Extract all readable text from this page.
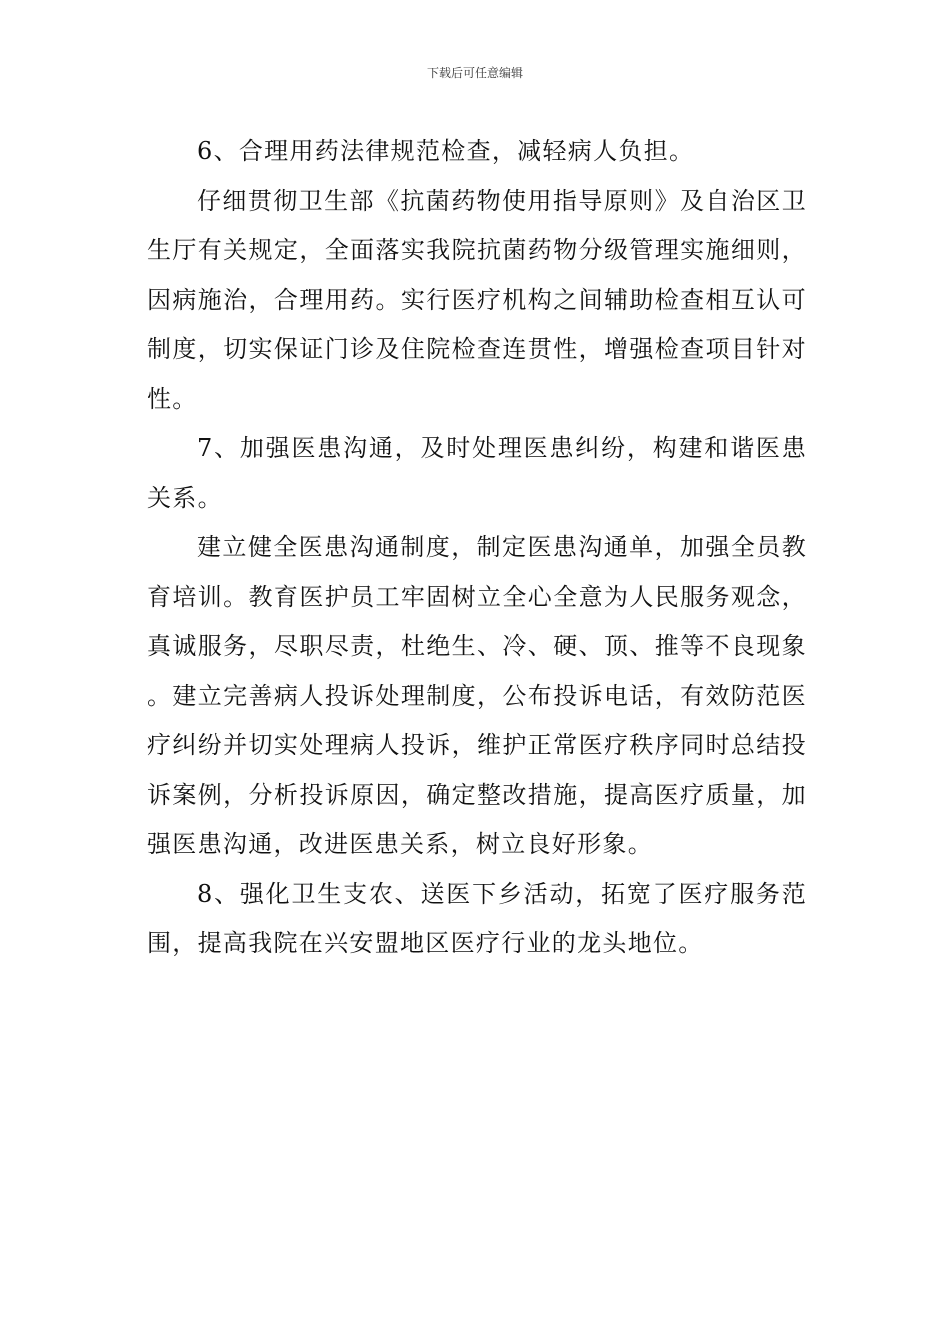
下载后可任意编辑

6、合理用药法律规范检查，减轻病人负担。

仔细贯彻卫生部《抗菌药物使用指导原则》及自治区卫生厅有关规定，全面落实我院抗菌药物分级管理实施细则，因病施治，合理用药。实行医疗机构之间辅助检查相互认可制度，切实保证门诊及住院检查连贯性，增强检查项目针对性。

7、加强医患沟通，及时处理医患纠纷，构建和谐医患关系。

建立健全医患沟通制度，制定医患沟通单，加强全员教育培训。教育医护员工牢固树立全心全意为人民服务观念，真诚服务，尽职尽责，杜绝生、冷、硬、顶、推等不良现象。建立完善病人投诉处理制度，公布投诉电话，有效防范医疗纠纷并切实处理病人投诉，维护正常医疗秩序同时总结投诉案例，分析投诉原因，确定整改措施，提高医疗质量，加强医患沟通，改进医患关系，树立良好形象。

8、强化卫生支农、送医下乡活动，拓宽了医疗服务范围，提高我院在兴安盟地区医疗行业的龙头地位。
